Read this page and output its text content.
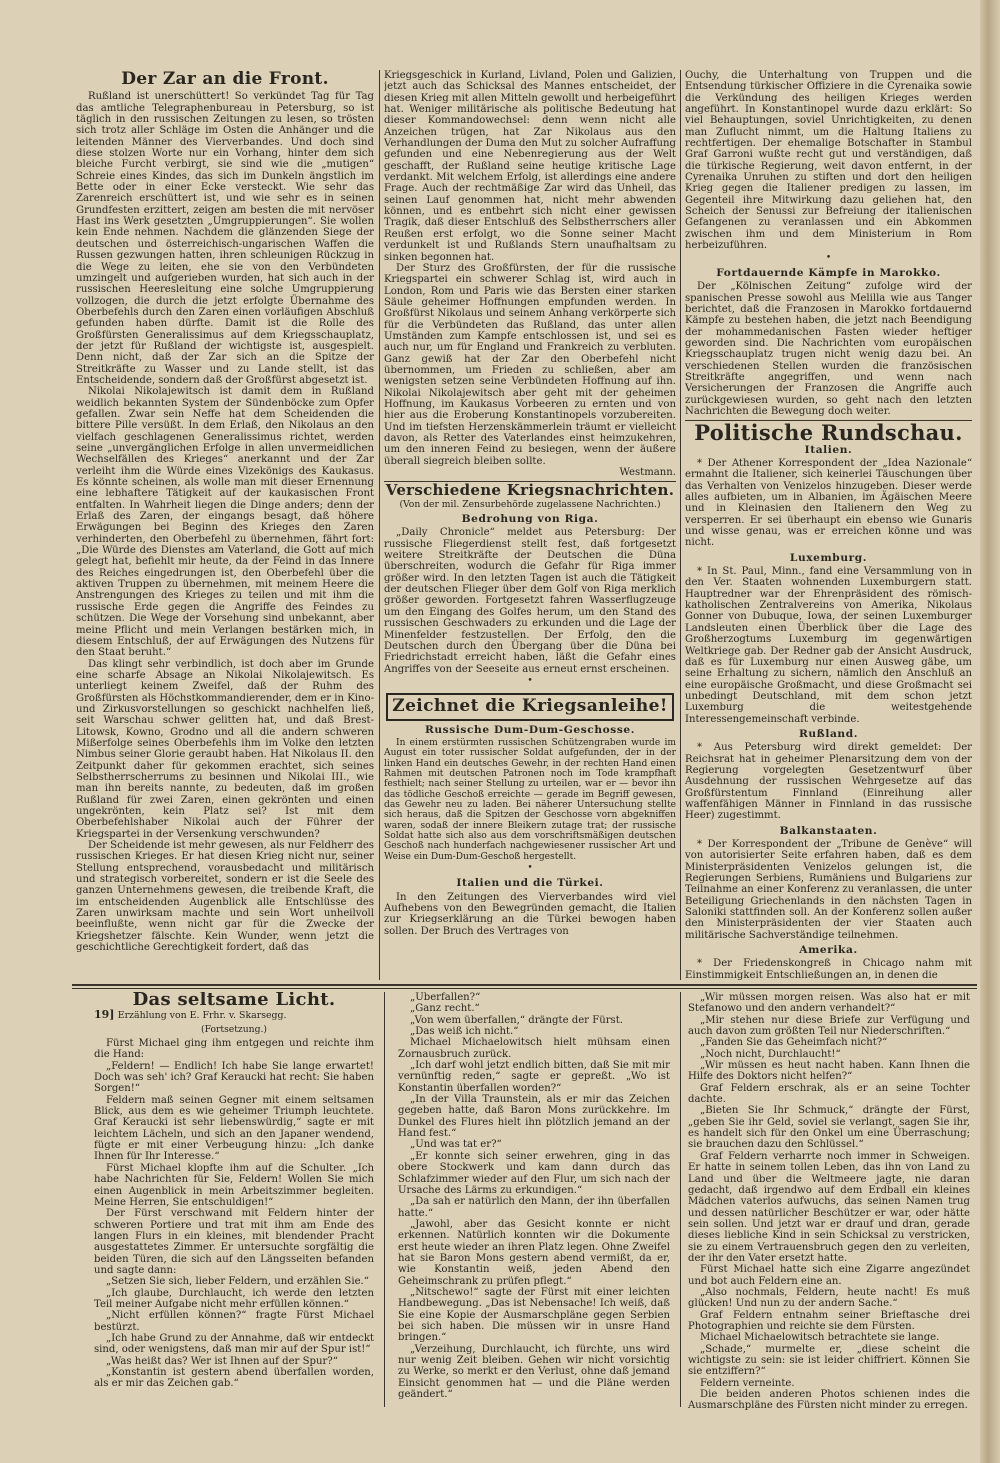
Der Zar an die Front.

Rußland ist unerschüttert! So verkündet Tag für Tag das amtliche Telegraphenbureau in Petersburg, so ist täglich in den russischen Zeitungen zu lesen, so trösten sich trotz aller Schläge im Osten die Anhänger und die leitenden Männer des Vierverbandes. Und doch sind diese stolzen Worte nur ein Vorhang, hinter dem sich bleiche Furcht verbirgt, sie sind wie die „mutigen“ Schreie eines Kindes, das sich im Dunkeln ängstlich im Bette oder in einer Ecke versteckt. Wie sehr das Zarenreich erschüttert ist, und wie sehr es in seinen Grundfesten erzittert, zeigen am besten die mit nervöser Hast ins Werk gesetzten „Umgruppierungen“. Sie wollen kein Ende nehmen. Nachdem die glänzenden Siege der deutschen und österreichisch-ungarischen Waffen die Russen gezwungen hatten, ihren schleunigen Rückzug in die Wege zu leiten, ehe sie von den Verbündeten umzingelt und aufgerieben wurden, hat sich auch in der russischen Heeresleitung eine solche Umgruppierung vollzogen, die durch die jetzt erfolgte Übernahme des Oberbefehls durch den Zaren einen vorläufigen Abschluß gefunden haben dürfte. Damit ist die Rolle des Großfürsten Generalissimus auf dem Kriegsschauplatz, der jetzt für Rußland der wichtigste ist, ausgespielt. Denn nicht, daß der Zar sich an die Spitze der Streitkräfte zu Wasser und zu Lande stellt, ist das Entscheidende, sondern daß der Großfürst abgesetzt ist.

Nikolai Nikolajewitsch ist damit dem in Rußland weidlich bekannten System der Sündenböcke zum Opfer gefallen. Zwar sein Neffe hat dem Scheidenden die bittere Pille versüßt. In dem Erlaß, den Nikolaus an den vielfach geschlagenen Generalissimus richtet, werden seine „unvergänglichen Erfolge in allen unvermeidlichen Wechselfällen des Krieges“ anerkannt und der Zar verleiht ihm die Würde eines Vizekönigs des Kaukasus. Es könnte scheinen, als wolle man mit dieser Ernennung eine lebhaftere Tätigkeit auf der kaukasischen Front entfalten. In Wahrheit liegen die Dinge anders; denn der Erlaß des Zaren, der eingangs besagt, daß höhere Erwägungen bei Beginn des Krieges den Zaren verhinderten, den Oberbefehl zu übernehmen, fährt fort: „Die Würde des Dienstes am Vaterland, die Gott auf mich gelegt hat, befiehlt mir heute, da der Feind in das Innere des Reiches eingedrungen ist, den Oberbefehl über die aktiven Truppen zu übernehmen, mit meinem Heere die Anstrengungen des Krieges zu teilen und mit ihm die russische Erde gegen die Angriffe des Feindes zu schützen. Die Wege der Vorsehung sind unbekannt, aber meine Pflicht und mein Verlangen bestärken mich, in diesem Entschluß, der auf Erwägungen des Nutzens für den Staat beruht.“

Das klingt sehr verbindlich, ist doch aber im Grunde eine scharfe Absage an Nikolai Nikolajewitsch. Es unterliegt keinem Zweifel, daß der Ruhm des Großfürsten als Höchstkommandierender, dem er in Kino- und Zirkusvorstellungen so geschickt nachhelfen ließ, seit Warschau schwer gelitten hat, und daß Brest-Litowsk, Kowno, Grodno und all die andern schweren Mißerfolge seines Oberbefehls ihm im Volke den letzten Nimbus seiner Glorie geraubt haben. Hat Nikolaus II. den Zeitpunkt daher für gekommen erachtet, sich seines Selbstherrscherrums zu besinnen und Nikolai III., wie man ihn bereits nannte, zu bedeuten, daß im großen Rußland für zwei Zaren, einen gekrönten und einen ungekrönten, kein Platz sei? Ist mit dem Oberbefehlshaber Nikolai auch der Führer der Kriegspartei in der Versenkung verschwunden?

Der Scheidende ist mehr gewesen, als nur Feldherr des russischen Krieges. Er hat diesen Krieg nicht nur, seiner Stellung entsprechend, vorausbedacht und militärisch und strategisch vorbereitet, sondern er ist die Seele des ganzen Unternehmens gewesen, die treibende Kraft, die im entscheidenden Augenblick alle Entschlüsse des Zaren unwirksam machte und sein Wort unheilvoll beeinflußte, wenn nicht gar für die Zwecke der Kriegshetzer fälschte. Kein Wunder, wenn jetzt die geschichtliche Gerechtigkeit fordert, daß das

Kriegsgeschick in Kurland, Livland, Polen und Galizien, jetzt auch das Schicksal des Mannes entscheidet, der diesen Krieg mit allen Mitteln gewollt und herbeigeführt hat. Weniger militärische als politische Bedeutung hat dieser Kommandowechsel: denn wenn nicht alle Anzeichen trügen, hat Zar Nikolaus aus den Verhandlungen der Duma den Mut zu solcher Aufraffung gefunden und eine Nebenregierung aus der Welt geschafft, der Rußland seine heutige kritische Lage verdankt. Mit welchem Erfolg, ist allerdings eine andere Frage. Auch der rechtmäßige Zar wird das Unheil, das seinen Lauf genommen hat, nicht mehr abwenden können, und es entbehrt sich nicht einer gewissen Tragik, daß dieser Entschluß des Selbstherrschers aller Reußen erst erfolgt, wo die Sonne seiner Macht verdunkelt ist und Rußlands Stern unaufhaltsam zu sinken begonnen hat.

Der Sturz des Großfürsten, der für die russische Kriegspartei ein schwerer Schlag ist, wird auch in London, Rom und Paris wie das Bersten einer starken Säule geheimer Hoffnungen empfunden werden. In Großfürst Nikolaus und seinem Anhang verkörperte sich für die Verbündeten das Rußland, das unter allen Umständen zum Kampfe entschlossen ist, und sei es auch nur, um für England und Frankreich zu verbluten. Ganz gewiß hat der Zar den Oberbefehl nicht übernommen, um Frieden zu schließen, aber am wenigsten setzen seine Verbündeten Hoffnung auf ihn. Nikolai Nikolajewitsch aber geht mit der geheimen Hoffnung, im Kaukasus Vorbeeren zu ernten und von hier aus die Eroberung Konstantinopels vorzubereiten. Und im tiefsten Herzenskämmerlein träumt er vielleicht davon, als Retter des Vaterlandes einst heimzukehren, um den inneren Feind zu besiegen, wenn der äußere überall siegreich bleiben sollte.

Westmann.

Verschiedene Kriegsnachrichten.
(Von der mil. Zensurbehörde zugelassene Nachrichten.)
Bedrohung von Riga.

„Daily Chronicle“ meldet aus Petersburg: Der russische Fliegerdienst stellt fest, daß fortgesetzt weitere Streitkräfte der Deutschen die Düna überschreiten, wodurch die Gefahr für Riga immer größer wird. In den letzten Tagen ist auch die Tätigkeit der deutschen Flieger über dem Golf von Riga merklich größer geworden. Fortgesetzt fahren Wasserflugzeuge um den Eingang des Golfes herum, um den Stand des russischen Geschwaders zu erkunden und die Lage der Minenfelder festzustellen. Der Erfolg, den die Deutschen durch den Übergang über die Düna bei Friedrichstadt erreicht haben, läßt die Gefahr eines Angriffes von der Seeseite aus erneut ernst erscheinen.

•
Zeichnet die Kriegsanleihe!
Russische Dum-Dum-Geschosse.

In einem erstürmten russischen Schützengraben wurde im August ein toter russischer Soldat aufgefunden, der in der linken Hand ein deutsches Gewehr, in der rechten Hand einen Rahmen mit deutschen Patronen noch im Tode krampfhaft festhielt; nach seiner Stellung zu urteilen, war er — bevor ihn das tödliche Geschoß erreichte — gerade im Begriff gewesen, das Gewehr neu zu laden. Bei näherer Untersuchung stellte sich heraus, daß die Spitzen der Geschosse vorn abgekniffen waren, sodaß der innere Bleikern zutage trat; der russische Soldat hatte sich also aus dem vorschriftsmäßigen deutschen Geschoß nach hunderfach nachgewiesener russischer Art und Weise ein Dum-Dum-Geschoß hergestellt.

•
Italien und die Türkei.

In den Zeitungen des Vierverbandes wird viel Aufhebens von den Bewegründen gemacht, die Italien zur Kriegserklärung an die Türkei bewogen haben sollen. Der Bruch des Vertrages von

Ouchy, die Unterhaltung von Truppen und die Entsendung türkischer Offiziere in die Cyrenaika sowie die Verkündung des heiligen Krieges werden angeführt. In Konstantinopel wurde dazu erklärt: So viel Behauptungen, soviel Unrichtigkeiten, zu denen man Zuflucht nimmt, um die Haltung Italiens zu rechtfertigen. Der ehemalige Botschafter in Stambul Graf Garroni wußte recht gut und verständigen, daß die türkische Regierung, weit davon entfernt, in der Cyrenaika Unruhen zu stiften und dort den heiligen Krieg gegen die Italiener predigen zu lassen, im Gegenteil ihre Mitwirkung dazu geliehen hat, den Scheich der Senussi zur Befreiung der italienischen Gefangenen zu veranlassen und ein Abkommen zwischen ihm und dem Ministerium in Rom herbeizuführen.

•
Fortdauernde Kämpfe in Marokko.

Der „Kölnischen Zeitung“ zufolge wird der spanischen Presse sowohl aus Melilla wie aus Tanger berichtet, daß die Franzosen in Marokko fortdauernd Kämpfe zu bestehen haben, die jetzt nach Beendigung der mohammedanischen Fasten wieder heftiger geworden sind. Die Nachrichten vom europäischen Kriegsschauplatz trugen nicht wenig dazu bei. An verschiedenen Stellen wurden die französischen Streitkräfte angegriffen, und wenn nach Versicherungen der Franzosen die Angriffe auch zurückgewiesen wurden, so geht nach den letzten Nachrichten die Bewegung doch weiter.

Politische Rundschau.
Italien.

* Der Athener Korrespondent der „Idea Nazionale“ ermahnt die Italiener, sich keinerlei Täuschungen über das Verhalten von Venizelos hinzugeben. Dieser werde alles aufbieten, um in Albanien, im Ägäischen Meere und in Kleinasien den Italienern den Weg zu versperren. Er sei überhaupt ein ebenso wie Gunaris und wisse genau, was er erreichen könne und was nicht.

Luxemburg.

* In St. Paul, Minn., fand eine Versammlung von in den Ver. Staaten wohnenden Luxemburgern statt. Hauptredner war der Ehrenpräsident des römisch-katholischen Zentralvereins von Amerika, Nikolaus Gonner von Dubuque, Iowa, der seinen Luxemburger Landsleuten einen Überblick über die Lage des Großherzogtums Luxemburg im gegenwärtigen Weltkriege gab. Der Redner gab der Ansicht Ausdruck, daß es für Luxemburg nur einen Ausweg gäbe, um seine Erhaltung zu sichern, nämlich den Anschluß an eine europäische Großmacht, und diese Großmacht sei unbedingt Deutschland, mit dem schon jetzt Luxemburg die weitestgehende Interessengemeinschaft verbinde.

Rußland.

* Aus Petersburg wird direkt gemeldet: Der Reichsrat hat in geheimer Plenarsitzung dem von der Regierung vorgelegten Gesetzentwurf über Ausdehnung der russischen Wehrgesetze auf das Großfürstentum Finnland (Einreihung aller waffenfähigen Männer in Finnland in das russische Heer) zugestimmt.

Balkanstaaten.

* Der Korrespondent der „Tribune de Genève“ will von autorisierter Seite erfahren haben, daß es dem Ministerpräsidenten Venizelos gelungen ist, die Regierungen Serbiens, Rumäniens und Bulgariens zur Teilnahme an einer Konferenz zu veranlassen, die unter Beteiligung Griechenlands in den nächsten Tagen in Saloniki stattfinden soll. An der Konferenz sollen außer den Ministerpräsidenten der vier Staaten auch militärische Sachverständige teilnehmen.

Amerika.

* Der Friedenskongreß in Chicago nahm mit Einstimmigkeit Entschließungen an, in denen die

Das seltsame Licht.
19] Erzählung von E. Frhr. v. Skarsegg.
(Fortsetzung.)

Fürst Michael ging ihm entgegen und reichte ihm die Hand:

„Feldern! — Endlich! Ich habe Sie lange erwartet! Doch was seh' ich? Graf Keraucki hat recht: Sie haben Sorgen!“

Feldern maß seinen Gegner mit einem seltsamen Blick, aus dem es wie geheimer Triumph leuchtete. Graf Keraucki ist sehr liebenswürdig,“ sagte er mit leichtem Lächeln, und sich an den Japaner wendend, fügte er mit einer Verbeugung hinzu: „Ich danke Ihnen für Ihr Interesse.“

Fürst Michael klopfte ihm auf die Schulter. „Ich habe Nachrichten für Sie, Feldern! Wollen Sie mich einen Augenblick in mein Arbeitszimmer begleiten. Meine Herren, Sie entschuldigen!“

Der Fürst verschwand mit Feldern hinter der schweren Portiere und trat mit ihm am Ende des langen Flurs in ein kleines, mit blendender Pracht ausgestattetes Zimmer. Er untersuchte sorgfältig die beiden Türen, die sich auf den Längsseiten befanden und sagte dann:

„Setzen Sie sich, lieber Feldern, und erzählen Sie.“

„Ich glaube, Durchlaucht, ich werde den letzten Teil meiner Aufgabe nicht mehr erfüllen können.“

„Nicht erfüllen können?“ fragte Fürst Michael bestürzt.

„Ich habe Grund zu der Annahme, daß wir entdeckt sind, oder wenigstens, daß man mir auf der Spur ist!“

„Was heißt das? Wer ist Ihnen auf der Spur?“

„Konstantin ist gestern abend überfallen worden, als er mir das Zeichen gab.“

„Überfallen?“

„Ganz recht.“

„Von wem überfallen,“ drängte der Fürst.

„Das weiß ich nicht.“

Michael Michaelowitsch hielt mühsam einen Zornausbruch zurück.

„Ich darf wohl jetzt endlich bitten, daß Sie mit mir vernünftig reden,“ sagte er gepreßt. „Wo ist Konstantin überfallen worden?“

„In der Villa Traunstein, als er mir das Zeichen gegeben hatte, daß Baron Mons zurückkehre. Im Dunkel des Flures hielt ihn plötzlich jemand an der Hand fest.“

„Und was tat er?“

„Er konnte sich seiner erwehren, ging in das obere Stockwerk und kam dann durch das Schlafzimmer wieder auf den Flur, um sich nach der Ursache des Lärms zu erkundigen.“

„Da sah er natürlich den Mann, der ihn überfallen hatte.“

„Jawohl, aber das Gesicht konnte er nicht erkennen. Natürlich konnten wir die Dokumente erst heute wieder an ihren Platz legen. Ohne Zweifel hat sie Baron Mons gestern abend vermißt, da er, wie Konstantin weiß, jeden Abend den Geheimschrank zu prüfen pflegt.“

„Nitschewo!“ sagte der Fürst mit einer leichten Handbewegung. „Das ist Nebensache! Ich weiß, daß Sie eine Kopie der Ausmarschpläne gegen Serbien bei sich haben. Die müssen wir in unsre Hand bringen.“

„Verzeihung, Durchlaucht, ich fürchte, uns wird nur wenig Zeit bleiben. Gehen wir nicht vorsichtig zu Werke, so merkt er den Verlust, ohne daß jemand Einsicht genommen hat — und die Pläne werden geändert.“

„Wir müssen morgen reisen. Was also hat er mit Stefanowo und den andern verhandelt?“

„Mir stehen nur diese Briefe zur Verfügung und auch davon zum größten Teil nur Niederschriften.“

„Fanden Sie das Geheimfach nicht?“

„Noch nicht, Durchlaucht!“

„Wir müssen es heut nacht haben. Kann Ihnen die Hilfe des Doktors nicht helfen?“

Graf Feldern erschrak, als er an seine Tochter dachte.

„Bieten Sie Ihr Schmuck,“ drängte der Fürst, „geben Sie ihr Geld, soviel sie verlangt, sagen Sie ihr, es handelt sich für den Onkel um eine Überraschung; sie brauchen dazu den Schlüssel.“

Graf Feldern verharrte noch immer in Schweigen. Er hatte in seinem tollen Leben, das ihn von Land zu Land und über die Weltmeere jagte, nie daran gedacht, daß irgendwo auf dem Erdball ein kleines Mädchen vaterlos aufwuchs, das seinen Namen trug und dessen natürlicher Beschützer er war, oder hätte sein sollen. Und jetzt war er drauf und dran, gerade dieses liebliche Kind in sein Schicksal zu verstricken, sie zu einem Vertrauensbruch gegen den zu verleiten, der ihr den Vater ersetzt hatte.

Fürst Michael hatte sich eine Zigarre angezündet und bot auch Feldern eine an.

„Also nochmals, Feldern, heute nacht! Es muß glücken! Und nun zu der andern Sache.“

Graf Feldern entnahm seiner Brieftasche drei Photographien und reichte sie dem Fürsten.

Michael Michaelowitsch betrachtete sie lange.

„Schade,“ murmelte er, „diese scheint die wichtigste zu sein: sie ist leider chiffriert. Können Sie sie entziffern?“

Feldern verneinte.

Die beiden anderen Photos schienen indes die Ausmarschpläne des Fürsten nicht minder zu erregen.
